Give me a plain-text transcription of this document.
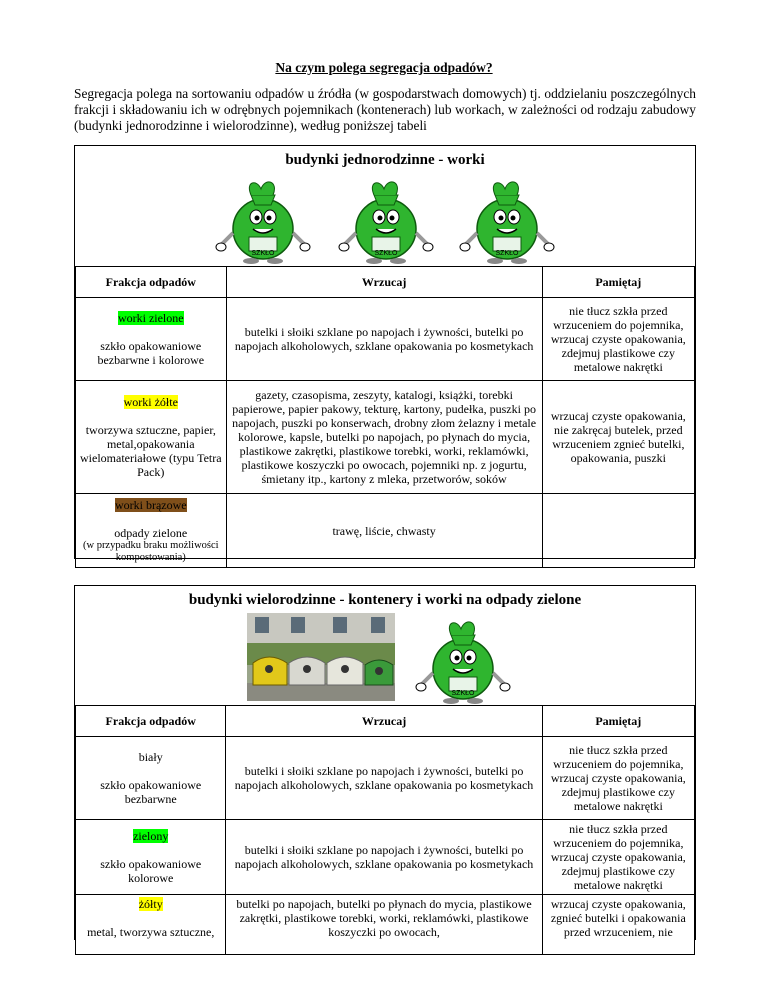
Na czym polega segregacja odpadów?
Segregacja polega na sortowaniu odpadów u źródła (w gospodarstwach domowych) tj. oddzielaniu poszczególnych frakcji i składowaniu ich w odrębnych pojemnikach (kontenerach) lub workach, w zależności od rodzaju zabudowy (budynki jednorodzinne i wielorodzinne), według poniższej tabeli
budynki jednorodzinne - worki
SZKŁO	SZKŁO	SZKŁO
Frakcja odpadów	Wrzucaj	Pamiętaj
worki zielone
szkło opakowaniowe bezbarwne i kolorowe	butelki i słoiki szklane po napojach i żywności, butelki po napojach alkoholowych, szklane opakowania po kosmetykach	nie tłucz szkła przed wrzuceniem do pojemnika, wrzucaj czyste opakowania, zdejmuj plastikowe czy metalowe nakrętki
worki żółte
tworzywa sztuczne, papier, metal,opakowania wielomateriałowe (typu Tetra Pack)	gazety, czasopisma, zeszyty, katalogi, książki, torebki papierowe, papier pakowy, tekturę, kartony, pudełka, puszki po napojach, puszki po konserwach, drobny złom żelazny i metale kolorowe, kapsle, butelki po napojach, po płynach do mycia, plastikowe zakrętki, plastikowe torebki, worki, reklamówki, plastikowe koszyczki po owocach, pojemniki np. z jogurtu, śmietany itp., kartony z mleka, przetworów, soków	wrzucaj czyste opakowania, nie zakręcaj butelek, przed wrzuceniem zgnieć butelki, opakowania, puszki
worki brązowe
odpady zielone
(w przypadku braku możliwości kompostowania)	trawę, liście, chwasty	
budynki wielorodzinne - kontenery i worki na odpady zielone
SZKŁO
Frakcja odpadów	Wrzucaj	Pamiętaj
biały
szkło opakowaniowe bezbarwne	butelki i słoiki szklane po napojach i żywności, butelki po napojach alkoholowych, szklane opakowania po kosmetykach	nie tłucz szkła przed wrzuceniem do pojemnika, wrzucaj czyste opakowania, zdejmuj plastikowe czy metalowe nakrętki
zielony
szkło opakowaniowe kolorowe	butelki i słoiki szklane po napojach i żywności, butelki po napojach alkoholowych, szklane opakowania po kosmetykach	nie tłucz szkła przed wrzuceniem do pojemnika, wrzucaj czyste opakowania, zdejmuj plastikowe czy metalowe nakrętki
żółty
metal, tworzywa sztuczne,	butelki po napojach, butelki po płynach do mycia, plastikowe zakrętki, plastikowe torebki, worki, reklamówki, plastikowe koszyczki po owocach,	wrzucaj czyste opakowania, zgnieć butelki i opakowania przed wrzuceniem, nie
